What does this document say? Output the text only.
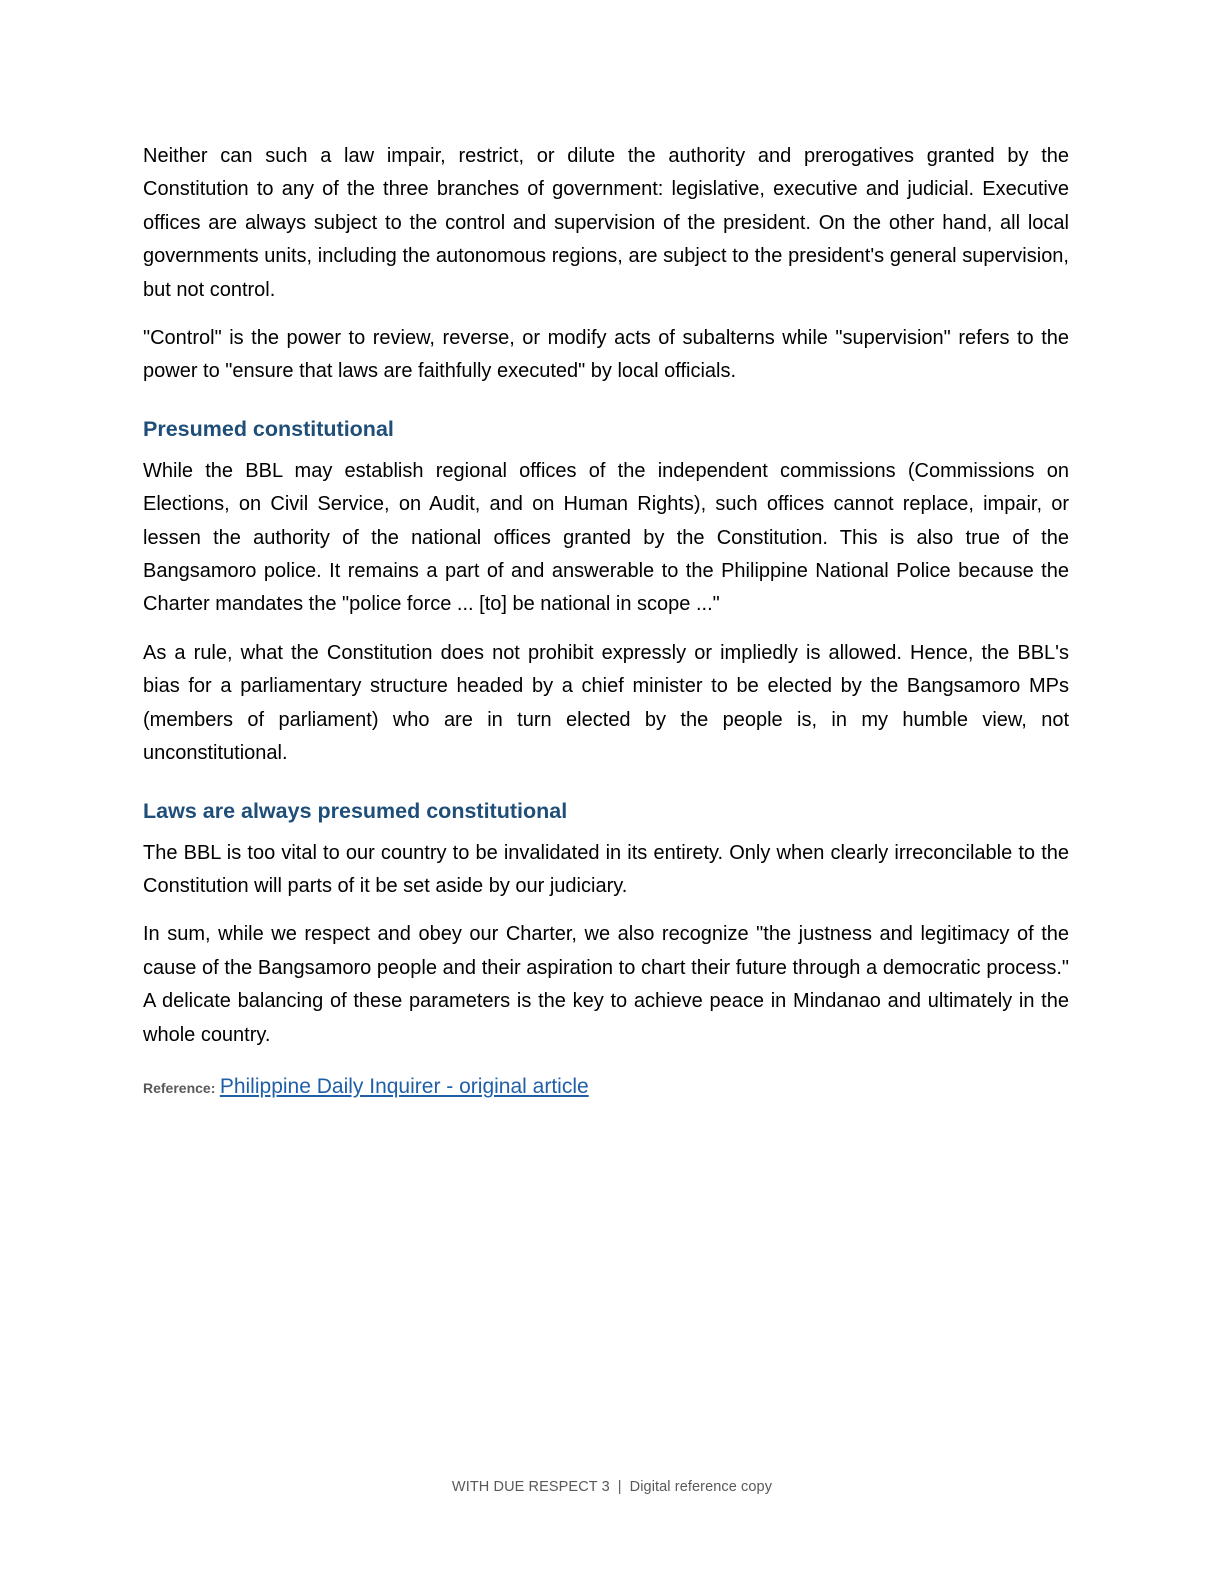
Neither can such a law impair, restrict, or dilute the authority and prerogatives granted by the Constitution to any of the three branches of government: legislative, executive and judicial. Executive offices are always subject to the control and supervision of the president. On the other hand, all local governments units, including the autonomous regions, are subject to the president's general supervision, but not control.

"Control" is the power to review, reverse, or modify acts of subalterns while "supervision" refers to the power to "ensure that laws are faithfully executed" by local officials.

Presumed constitutional

While the BBL may establish regional offices of the independent commissions (Commissions on Elections, on Civil Service, on Audit, and on Human Rights), such offices cannot replace, impair, or lessen the authority of the national offices granted by the Constitution. This is also true of the Bangsamoro police. It remains a part of and answerable to the Philippine National Police because the Charter mandates the "police force ... [to] be national in scope ..."

As a rule, what the Constitution does not prohibit expressly or impliedly is allowed. Hence, the BBL's bias for a parliamentary structure headed by a chief minister to be elected by the Bangsamoro MPs (members of parliament) who are in turn elected by the people is, in my humble view, not unconstitutional.

Laws are always presumed constitutional

The BBL is too vital to our country to be invalidated in its entirety. Only when clearly irreconcilable to the Constitution will parts of it be set aside by our judiciary.

In sum, while we respect and obey our Charter, we also recognize "the justness and legitimacy of the cause of the Bangsamoro people and their aspiration to chart their future through a democratic process." A delicate balancing of these parameters is the key to achieve peace in Mindanao and ultimately in the whole country.

Reference: Philippine Daily Inquirer - original article
WITH DUE RESPECT 3 | Digital reference copy
